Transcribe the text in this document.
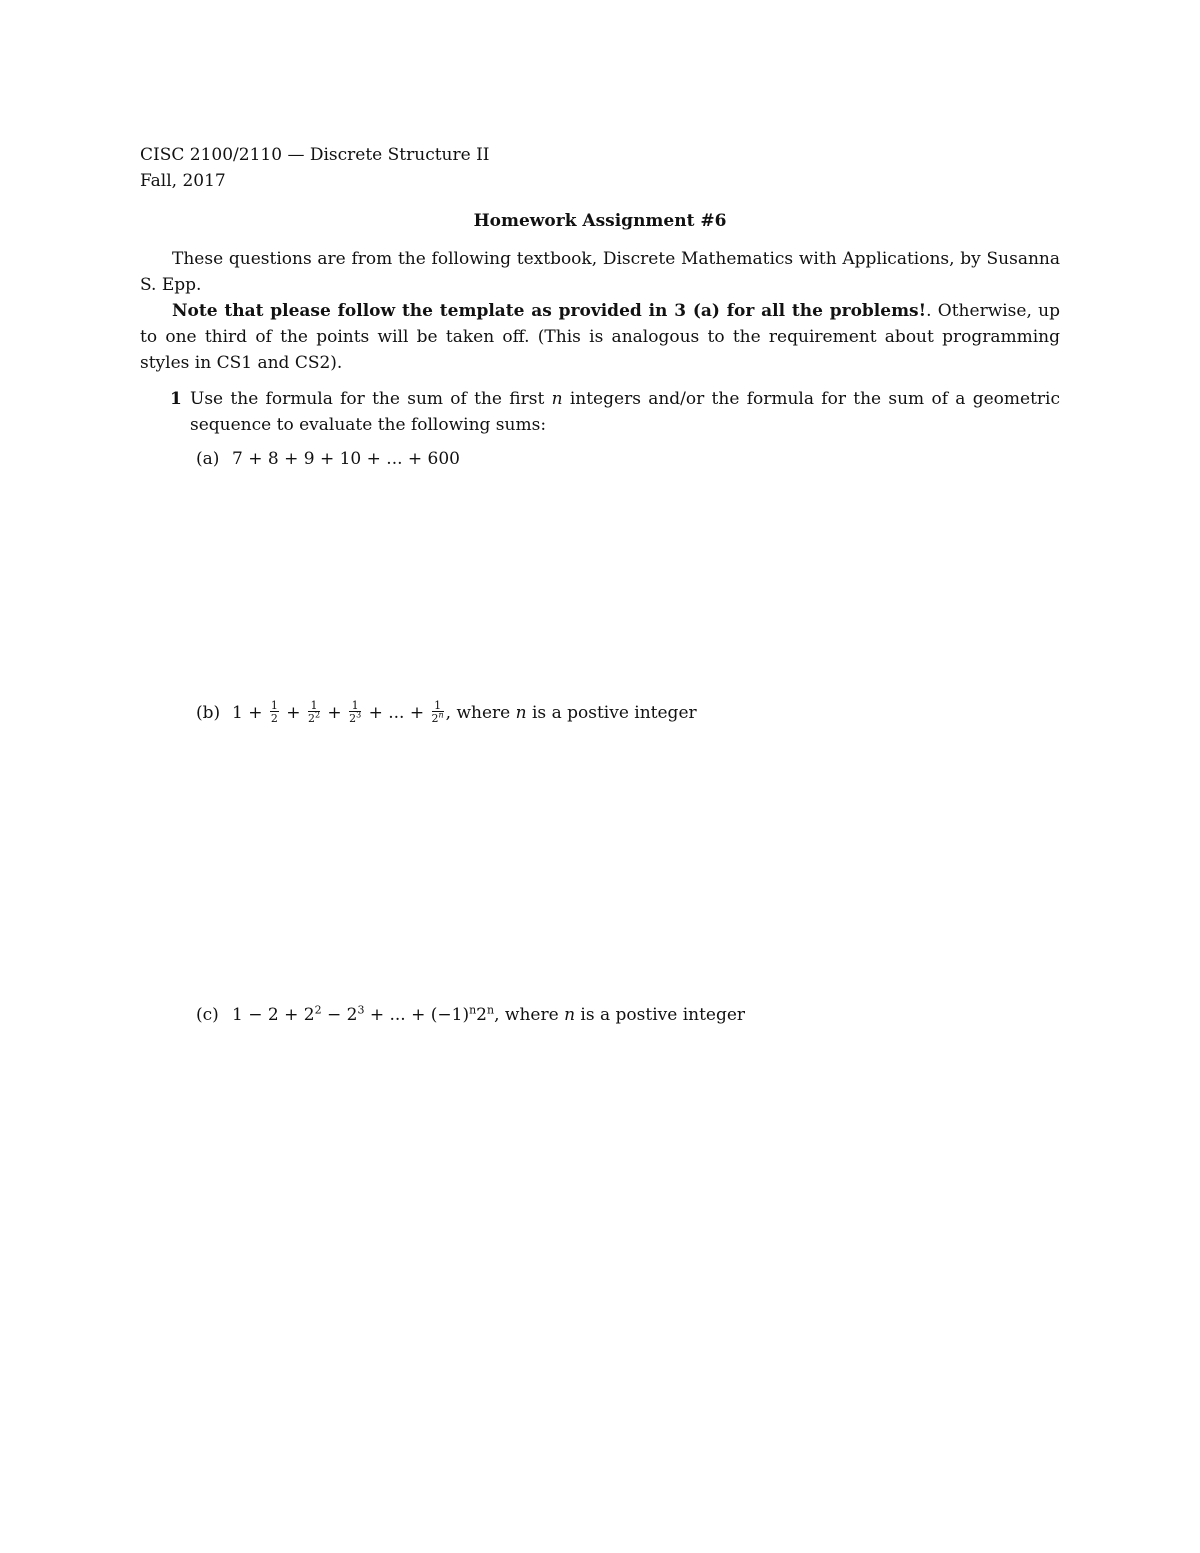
CISC 2100/2110 — Discrete Structure II
Fall, 2017
Homework Assignment #6

These questions are from the following textbook, Discrete Mathematics with Applications, by Susanna S. Epp.

Note that please follow the template as provided in 3 (a) for all the problems!. Otherwise, up to one third of the points will be taken off. (This is analogous to the requirement about programming styles in CS1 and CS2).

1 Use the formula for the sum of the first n integers and/or the formula for the sum of a geometric sequence to evaluate the following sums:
(a) 7 + 8 + 9 + 10 + ... + 600
(b) $1 + \frac{1}{2} + \frac{1}{2^2} + \frac{1}{2^3}$ + ... + $\frac{1}{2^n}$ , where n is a postive integer
(c) $1 - 2 + 2^2 - 2^3$ + ... + $(-1)^n2^n$, where n is a postive integer
